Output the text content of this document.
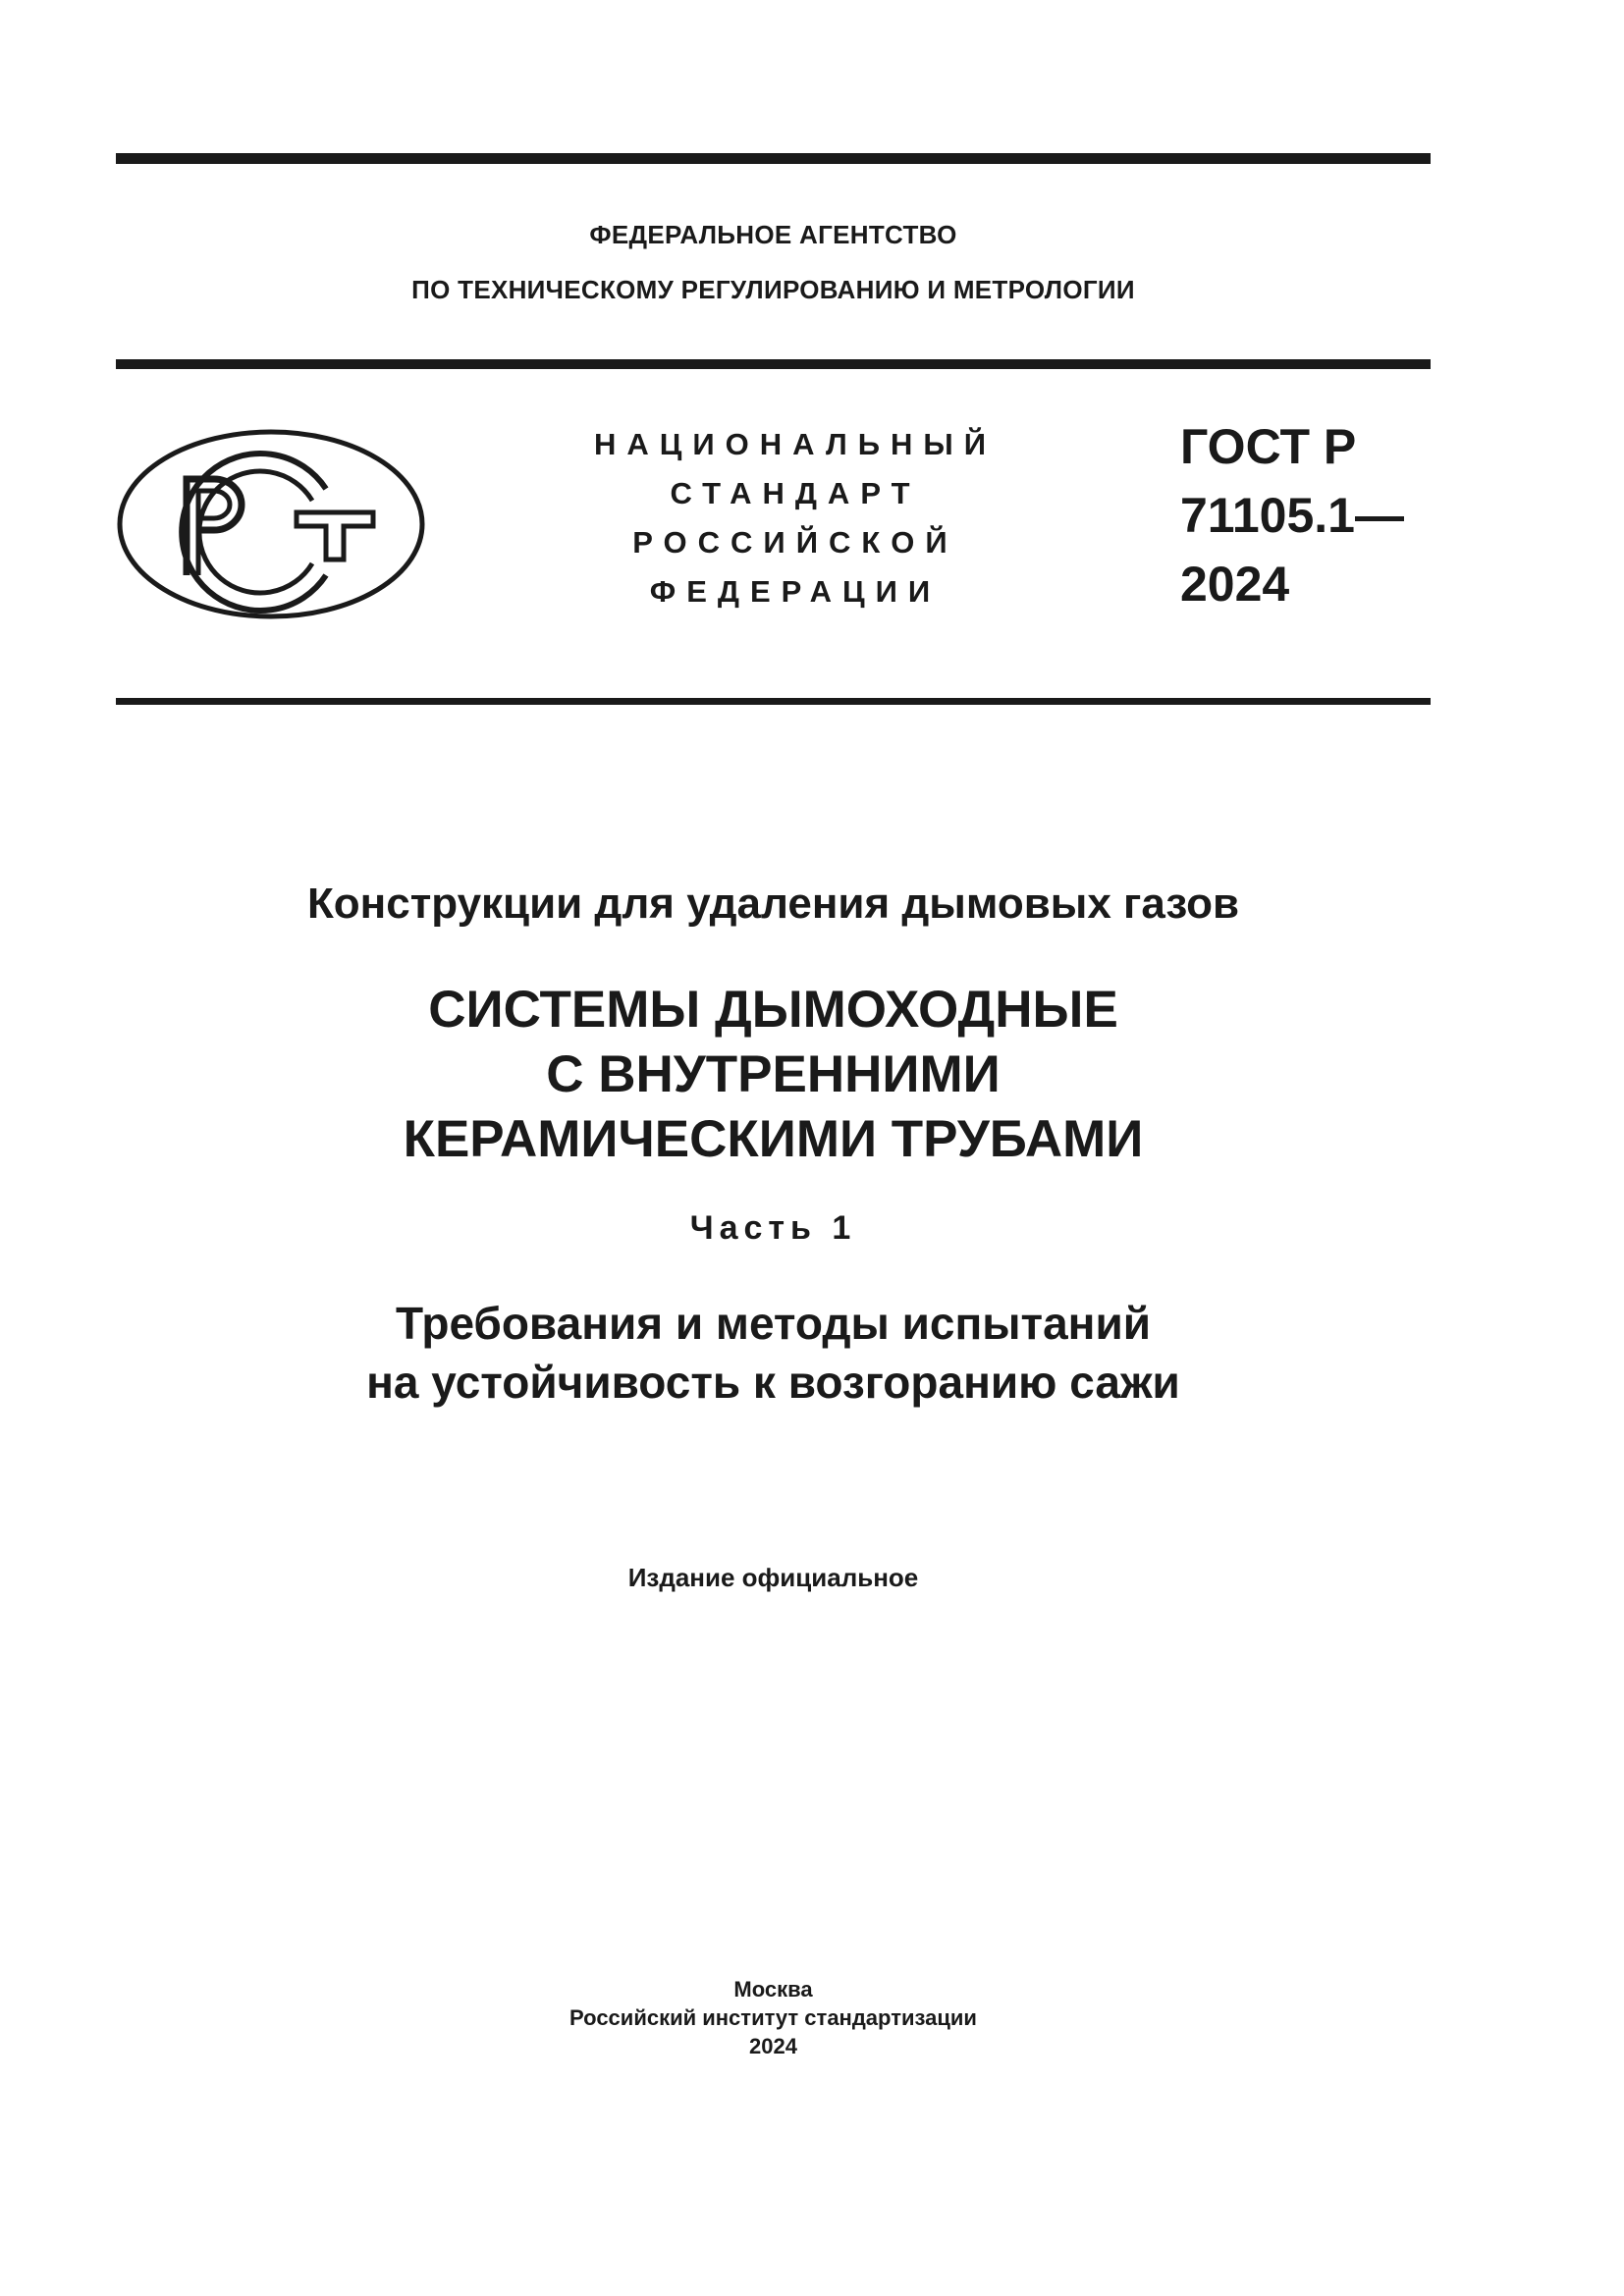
ФЕДЕРАЛЬНОЕ АГЕНТСТВО
ПО ТЕХНИЧЕСКОМУ РЕГУЛИРОВАНИЮ И МЕТРОЛОГИИ
НАЦИОНАЛЬНЫЙ
СТАНДАРТ
РОССИЙСКОЙ
ФЕДЕРАЦИИ
ГОСТ Р
71105.1—
2024
Конструкции для удаления дымовых газов
СИСТЕМЫ ДЫМОХОДНЫЕ
С ВНУТРЕННИМИ
КЕРАМИЧЕСКИМИ ТРУБАМИ
Часть 1
Требования и методы испытаний
на устойчивость к возгоранию сажи
Издание официальное
Москва
Российский институт стандартизации
2024
